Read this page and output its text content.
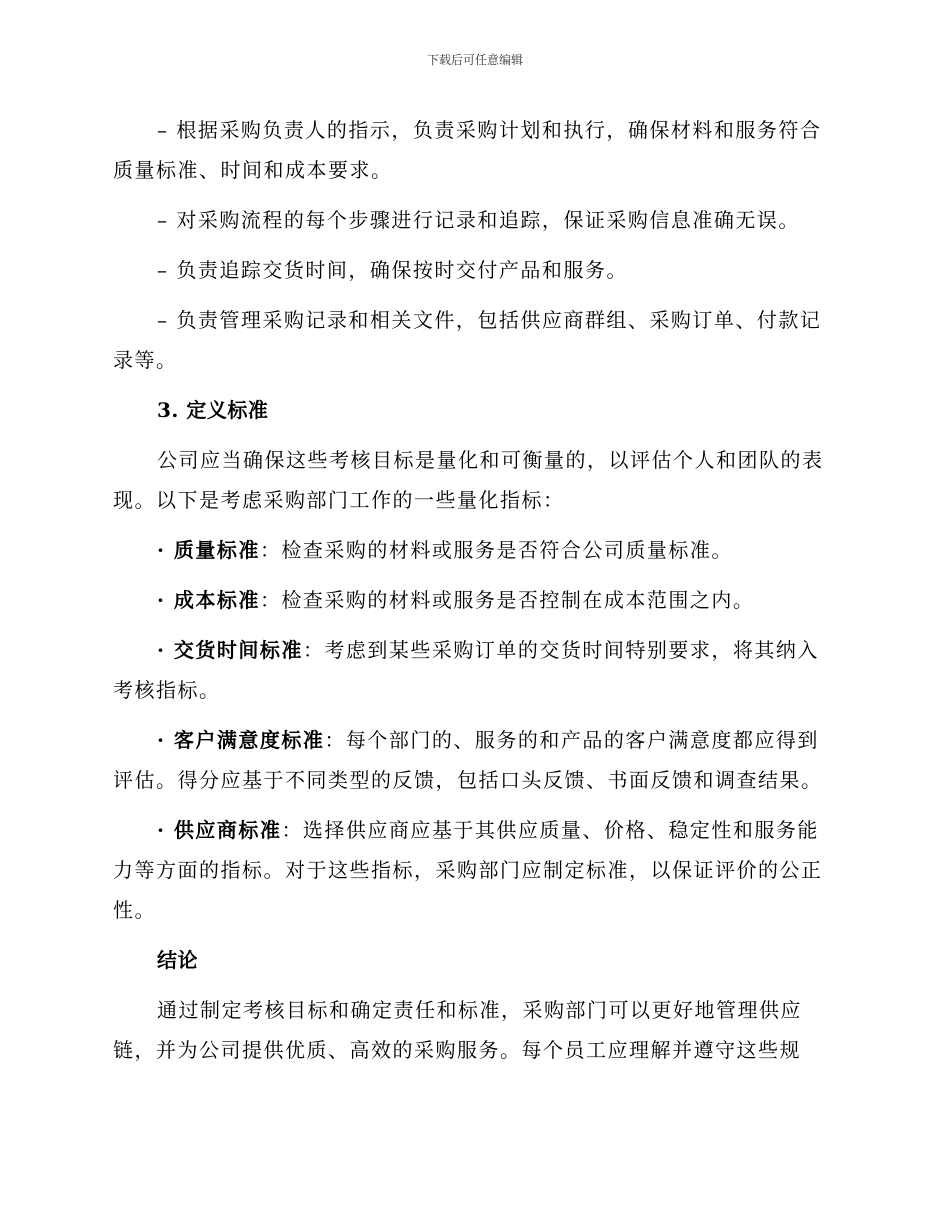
下载后可任意编辑

– 根据采购负责人的指示，负责采购计划和执行，确保材料和服务符合质量标准、时间和成本要求。

– 对采购流程的每个步骤进行记录和追踪，保证采购信息准确无误。

– 负责追踪交货时间，确保按时交付产品和服务。

– 负责管理采购记录和相关文件，包括供应商群组、采购订单、付款记录等。

3. 定义标准

公司应当确保这些考核目标是量化和可衡量的，以评估个人和团队的表现。以下是考虑采购部门工作的一些量化指标：

· 质量标准：检查采购的材料或服务是否符合公司质量标准。

· 成本标准：检查采购的材料或服务是否控制在成本范围之内。

· 交货时间标准：考虑到某些采购订单的交货时间特别要求，将其纳入考核指标。

· 客户满意度标准：每个部门的、服务的和产品的客户满意度都应得到评估。得分应基于不同类型的反馈，包括口头反馈、书面反馈和调查结果。

· 供应商标准：选择供应商应基于其供应质量、价格、稳定性和服务能力等方面的指标。对于这些指标，采购部门应制定标准，以保证评价的公正性。

结论

通过制定考核目标和确定责任和标准，采购部门可以更好地管理供应链，并为公司提供优质、高效的采购服务。每个员工应理解并遵守这些规
